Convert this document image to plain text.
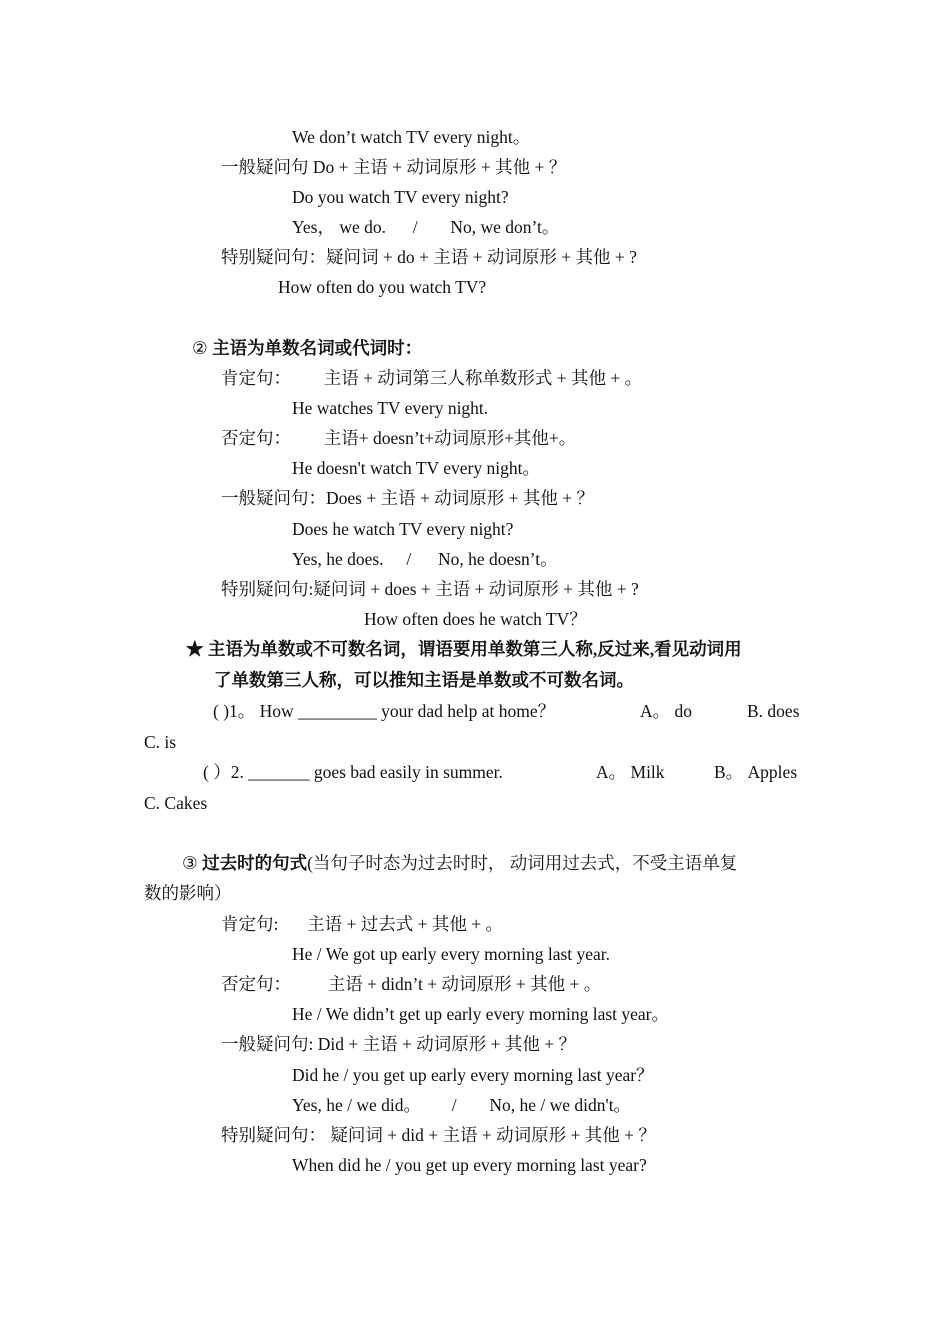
We don’t watch TV every night。
一般疑问句 Do + 主语 + 动词原形 + 其他 + ？
Do you watch TV every night?
Yes， we do. / No, we don’t。
特别疑问句：疑问词 + do + 主语 + 动词原形 + 其他 + ?
How often do you watch TV?
② 主语为单数名词或代词时：
肯定句： 主语 + 动词第三人称单数形式 + 其他 + 。
He watches TV every night.
否定句： 主语+ doesn’t+动词原形+其他+。
He doesn't watch TV every night。
一般疑问句：Does + 主语 + 动词原形 + 其他 + ？
Does he watch TV every night?
Yes, he does. / No, he doesn’t。
特别疑问句:疑问词 + does + 主语 + 动词原形 + 其他 + ?
How often does he watch TV？
★ 主语为单数或不可数名词，谓语要用单数第三人称,反过来,看见动词用
了单数第三人称，可以推知主语是单数或不可数名词。
( )1。 How _________ your dad help at home？	A。 do	B. does
C. is
( ）2. _______ goes bad easily in summer.	A。 Milk	B。 Apples
C. Cakes
③ 过去时的句式(当句子时态为过去时时， 动词用过去式，不受主语单复
数的影响）
肯定句: 主语 + 过去式 + 其他 + 。
He / We got up early every morning last year.
否定句： 主语 + didn’t + 动词原形 + 其他 + 。
He / We didn’t get up early every morning last year。
一般疑问句: Did + 主语 + 动词原形 + 其他 + ？
Did he / you get up early every morning last year？
Yes, he / we did。 / No, he / we didn't。
特别疑问句： 疑问词 + did + 主语 + 动词原形 + 其他 + ？
When did he / you get up every morning last year?
